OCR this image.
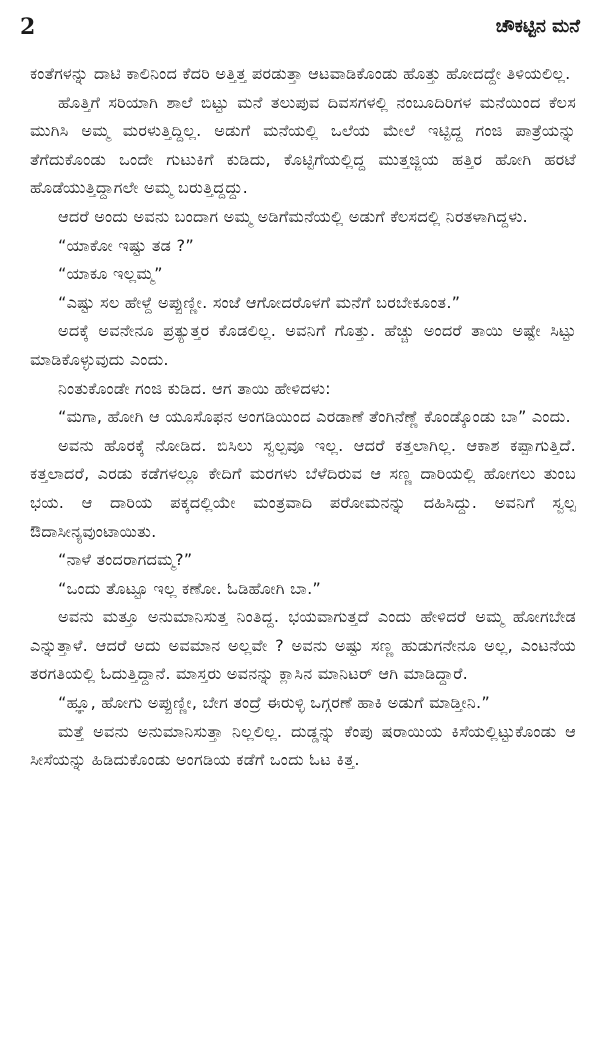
2	ಚೌಕಟ್ಟಿನ ಮನೆ

ಕಂತೆಗಳನ್ನು ದಾಟಿ ಕಾಲಿನಿಂದ ಕೆದರಿ ಅತ್ತಿತ್ತ ಪರಡುತ್ತಾ ಆಟವಾಡಿಕೊಂಡು ಹೊತ್ತು ಹೋದದ್ದೇ ತಿಳಿಯಲಿಲ್ಲ.

ಹೊತ್ತಿಗೆ ಸರಿಯಾಗಿ ಶಾಲೆ ಬಿಟ್ಟು ಮನೆ ತಲುಪುವ ದಿವಸಗಳಲ್ಲಿ ನಂಬೂದಿರಿಗಳ ಮನೆಯಿಂದ ಕೆಲಸ ಮುಗಿಸಿ ಅಮ್ಮ ಮರಳುತ್ತಿದ್ದಿಲ್ಲ. ಅಡುಗೆ ಮನೆಯಲ್ಲಿ ಒಲೆಯ ಮೇಲೆ ಇಟ್ಟಿದ್ದ ಗಂಜಿ ಪಾತ್ರೆಯನ್ನು ತೆಗೆದುಕೊಂಡು ಒಂದೇ ಗುಟುಕಿಗೆ ಕುಡಿದು, ಕೊಟ್ಟಿಗೆಯಲ್ಲಿದ್ದ ಮುತ್ತಜ್ಜಿಯ ಹತ್ತಿರ ಹೋಗಿ ಹರಟೆ ಹೊಡೆಯುತ್ತಿದ್ದಾಗಲೇ ಅಮ್ಮ ಬರುತ್ತಿದ್ದದ್ದು.

ಆದರೆ ಅಂದು ಅವನು ಬಂದಾಗ ಅಮ್ಮ ಅಡಿಗೆಮನೆಯಲ್ಲಿ ಅಡುಗೆ ಕೆಲಸದಲ್ಲಿ ನಿರತಳಾಗಿದ್ದಳು.

“ಯಾಕೋ ಇಷ್ಟು ತಡ ?”

“ಯಾಕೂ ಇಲ್ಲಮ್ಮ”

“ಎಷ್ಟು ಸಲ ಹೇಳ್ದೆ ಅಪ್ಪುಣ್ಣೀ. ಸಂಜೆ ಆಗೋದರೊಳಗೆ ಮನೆಗೆ ಬರಬೇಕೂಂತ.”

ಅದಕ್ಕೆ ಅವನೇನೂ ಪ್ರತ್ಯುತ್ತರ ಕೊಡಲಿಲ್ಲ. ಅವನಿಗೆ ಗೊತ್ತು. ಹೆಚ್ಚು ಅಂದರೆ ತಾಯಿ ಅಷ್ಟೇ ಸಿಟ್ಟು ಮಾಡಿಕೊಳ್ಳುವುದು ಎಂದು.

ನಿಂತುಕೊಂಡೇ ಗಂಜಿ ಕುಡಿದ. ಆಗ ತಾಯಿ ಹೇಳಿದಳು:

“ಮಗಾ, ಹೋಗಿ ಆ ಯೂಸೊಫನ ಅಂಗಡಿಯಿಂದ ಎರಡಾಣೆ ತೆಂಗಿನೆಣ್ಣೆ ಕೊಂಡ್ಕೊಂಡು ಬಾ” ಎಂದು.

ಅವನು ಹೊರಕ್ಕೆ ನೋಡಿದ. ಬಿಸಿಲು ಸ್ವಲ್ಪವೂ ಇಲ್ಲ. ಆದರೆ ಕತ್ತಲಾಗಿಲ್ಲ. ಆಕಾಶ ಕಪ್ಪಾಗುತ್ತಿದೆ. ಕತ್ತಲಾದರೆ, ಎರಡು ಕಡೆಗಳಲ್ಲೂ ಕೇದಿಗೆ ಮರಗಳು ಬೆಳೆದಿರುವ ಆ ಸಣ್ಣ ದಾರಿಯಲ್ಲಿ ಹೋಗಲು ತುಂಬ ಭಯ. ಆ ದಾರಿಯ ಪಕ್ಕದಲ್ಲಿಯೇ ಮಂತ್ರವಾದಿ ಪರೋಮನನ್ನು ದಹಿಸಿದ್ದು. ಅವನಿಗೆ ಸ್ವಲ್ಪ ಔದಾಸೀನ್ಯವುಂಟಾಯಿತು.

“ನಾಳೆ ತಂದರಾಗದಮ್ಮ?”

“ಒಂದು ತೊಟ್ಟೂ ಇಲ್ಲ ಕಣೋ. ಓಡಿಹೋಗಿ ಬಾ.”

ಅವನು ಮತ್ತೂ ಅನುಮಾನಿಸುತ್ತ ನಿಂತಿದ್ದ. ಭಯವಾಗುತ್ತದೆ ಎಂದು ಹೇಳಿದರೆ ಅಮ್ಮ ಹೋಗಬೇಡ ಎನ್ನುತ್ತಾಳೆ. ಆದರೆ ಅದು ಅವಮಾನ ಅಲ್ಲವೇ ? ಅವನು ಅಷ್ಟು ಸಣ್ಣ ಹುಡುಗನೇನೂ ಅಲ್ಲ, ಎಂಟನೆಯ ತರಗತಿಯಲ್ಲಿ ಓದುತ್ತಿದ್ದಾನೆ. ಮಾಸ್ತರು ಅವನನ್ನು ಕ್ಲಾಸಿನ ಮಾನಿಟರ್ ಆಗಿ ಮಾಡಿದ್ದಾರೆ.

“ಹ್ಞೂ, ಹೋಗು ಅಪ್ಪುಣ್ಣೀ, ಬೇಗ ತಂದ್ರೆ ಈರುಳ್ಳಿ ಒಗ್ಗರಣೆ ಹಾಕಿ ಅಡುಗೆ ಮಾಡ್ತೀನಿ.”

ಮತ್ತೆ ಅವನು ಅನುಮಾನಿಸುತ್ತಾ ನಿಲ್ಲಲಿಲ್ಲ. ದುಡ್ಡನ್ನು ಕೆಂಪು ಷರಾಯಿಯ ಕಿಸೆಯಲ್ಲಿಟ್ಟುಕೊಂಡು ಆ ಸೀಸೆಯನ್ನು ಹಿಡಿದುಕೊಂಡು ಅಂಗಡಿಯ ಕಡೆಗೆ ಒಂದು ಓಟ ಕಿತ್ತ.
